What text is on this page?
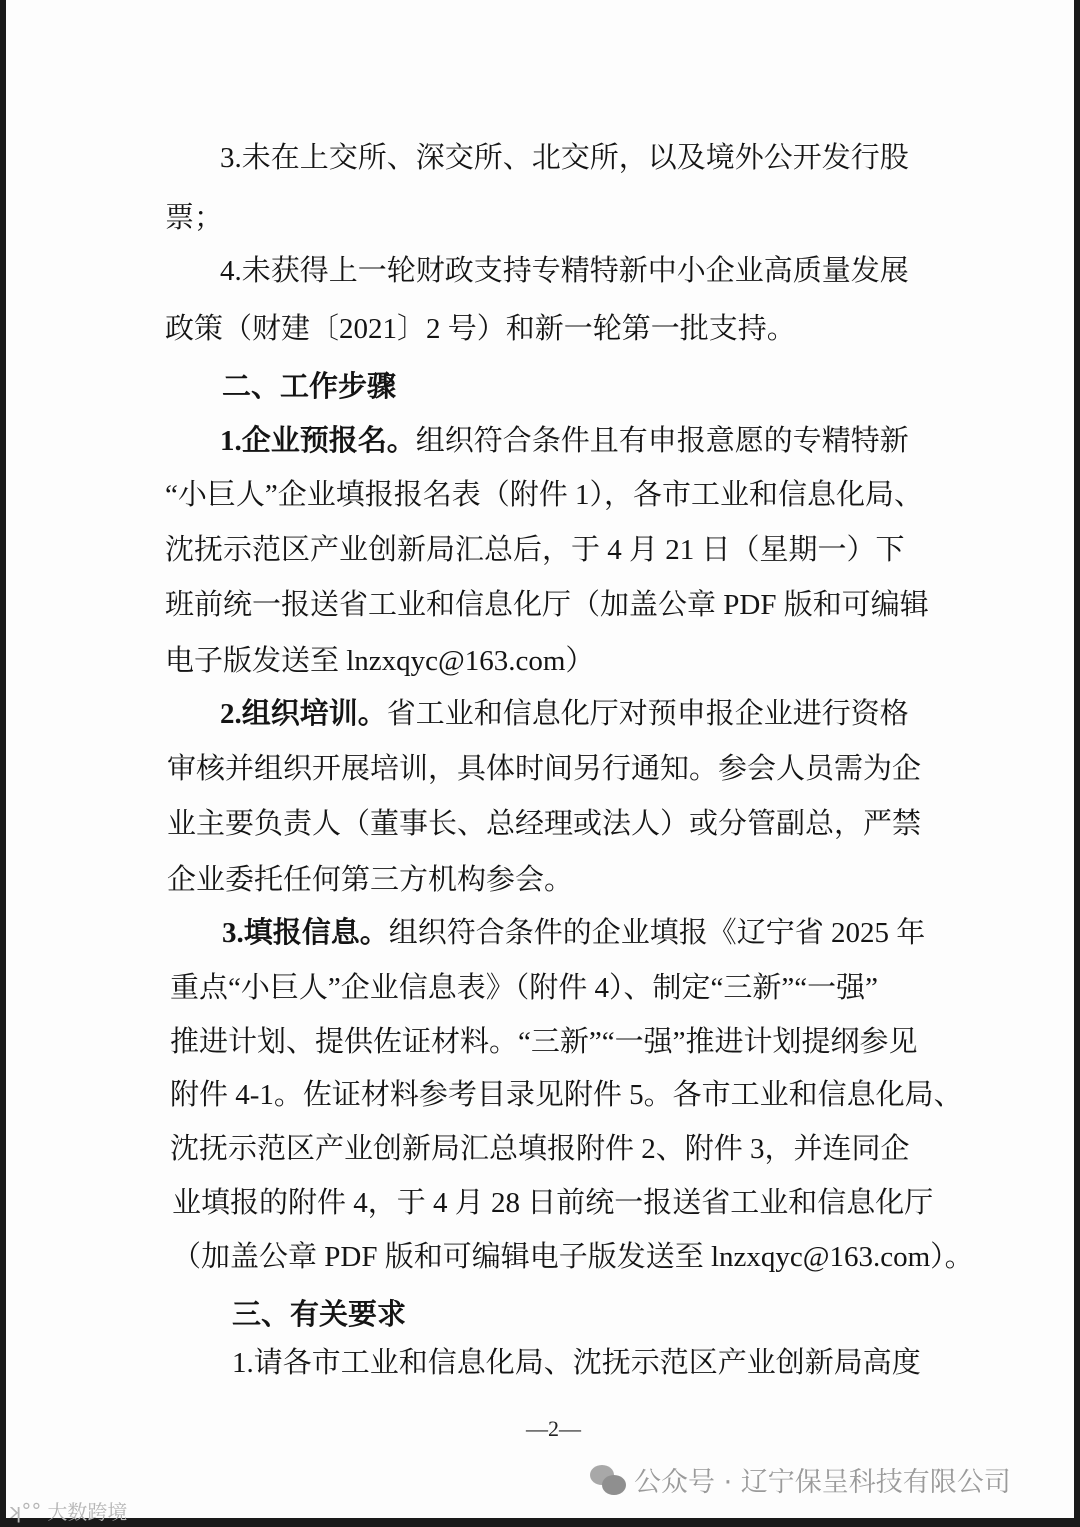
3.未在上交所、深交所、北交所，以及境外公开发行股
票；
4.未获得上一轮财政支持专精特新中小企业高质量发展
政策（财建〔2021〕2 号）和新一轮第一批支持。
二、工作步骤
1.企业预报名。组织符合条件且有申报意愿的专精特新
“小巨人”企业填报报名表（附件 1），各市工业和信息化局、
沈抚示范区产业创新局汇总后，于 4 月 21 日（星期一）下
班前统一报送省工业和信息化厅（加盖公章 PDF 版和可编辑
电子版发送至 lnzxqyc@163.com）
2.组织培训。省工业和信息化厅对预申报企业进行资格
审核并组织开展培训，具体时间另行通知。参会人员需为企
业主要负责人（董事长、总经理或法人）或分管副总，严禁
企业委托任何第三方机构参会。
3.填报信息。组织符合条件的企业填报《辽宁省 2025 年
重点“小巨人”企业信息表》（附件 4）、制定“三新”“一强”
推进计划、提供佐证材料。“三新”“一强”推进计划提纲参见
附件 4-1。佐证材料参考目录见附件 5。各市工业和信息化局、
沈抚示范区产业创新局汇总填报附件 2、附件 3，并连同企
业填报的附件 4，于 4 月 28 日前统一报送省工业和信息化厅
（加盖公章 PDF 版和可编辑电子版发送至 lnzxqyc@163.com）。
三、有关要求
1.请各市工业和信息化局、沈抚示范区产业创新局高度
—2—
公众号 · 辽宁保呈科技有限公司
ʞ°° 大数跨境
